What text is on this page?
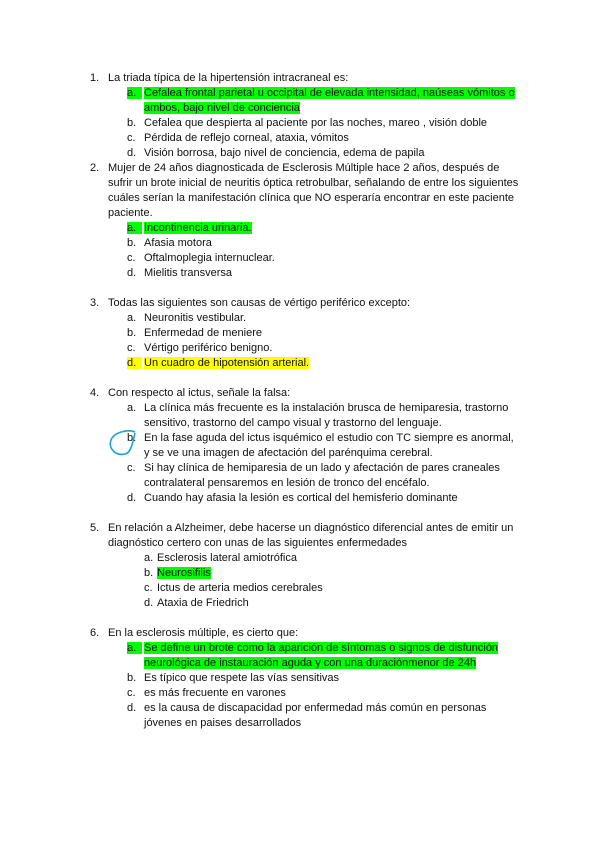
1. La triada típica de la hipertensión intracraneal es:
a. Cefalea frontal parietal u occipital de elevada intensidad, naúseas vómitos o ambos, bajo nivel de conciencia
b. Cefalea que despierta al paciente por las noches, mareo , visión doble
c. Pérdida de reflejo corneal, ataxia, vómitos
d. Visión borrosa, bajo nivel de conciencia, edema de papila
2. Mujer de 24 años diagnosticada de Esclerosis Múltiple hace 2 años, después de sufrir un brote inicial de neuritis óptica retrobulbar, señalando de entre los siguientes cuáles serían la manifestación clínica que NO esperaría encontrar en este paciente paciente.
a. Incontinencia urinaria.
b. Afasia motora
c. Oftalmoplegia internuclear.
d. Mielitis transversa
3. Todas las siguientes son causas de vértigo periférico excepto:
a. Neuronitis vestibular.
b. Enfermedad de meniere
c. Vértigo periférico benigno.
d. Un cuadro de hipotensión arterial.
4. Con respecto al ictus, señale la falsa:
a. La clínica más frecuente es la instalación brusca de hemiparesia, trastorno sensitivo, trastorno del campo visual y trastorno del lenguaje.
b. En la fase aguda del ictus isquémico el estudio con TC siempre es anormal, y se ve una imagen de afectación del parénquima cerebral.
c. Si hay clínica de hemiparesia de un lado y afectación de pares craneales contralateral pensaremos en lesión de tronco del encéfalo.
d. Cuando hay afasia la lesión es cortical del hemisferio dominante
5. En relación a Alzheimer, debe hacerse un diagnóstico diferencial antes de emitir un diagnóstico certero con unas de las siguientes enfermedades
a. Esclerosis lateral amiotrófica
b. Neurosifilis
c. Ictus de arteria medios cerebrales
d. Ataxia de Friedrich
6. En la esclerosis múltiple, es cierto que:
a. Se define un brote como la aparición de síntomas o signos de disfunción neurológica de instauración aguda y con una duraciónmenor de 24h
b. Es típico que respete las vías sensitivas
c. es más frecuente en varones
d. es la causa de discapacidad por enfermedad más común en personas jóvenes en paises desarrollados
